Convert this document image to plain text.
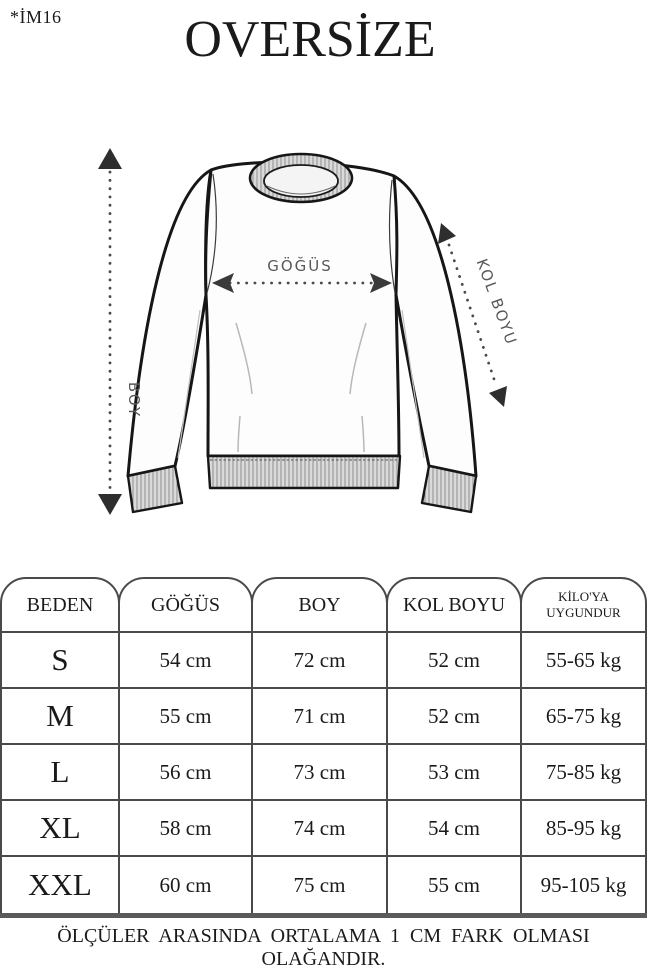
*İM16	OVERSİZE
BOY
GÖĞÜS	KOL BOYU
BEDEN	GÖĞÜS	BOY	KOL BOYU	KİLO'YA UYGUNDUR
S	54 cm	72 cm	52 cm	55-65 kg
M	55 cm	71 cm	52 cm	65-75 kg
L	56 cm	73 cm	53 cm	75-85 kg
XL	58 cm	74 cm	54 cm	85-95 kg
XXL	60 cm	75 cm	55 cm	95-105 kg
ÖLÇÜLER ARASINDA ORTALAMA 1 CM FARK OLMASI OLAĞANDIR.
